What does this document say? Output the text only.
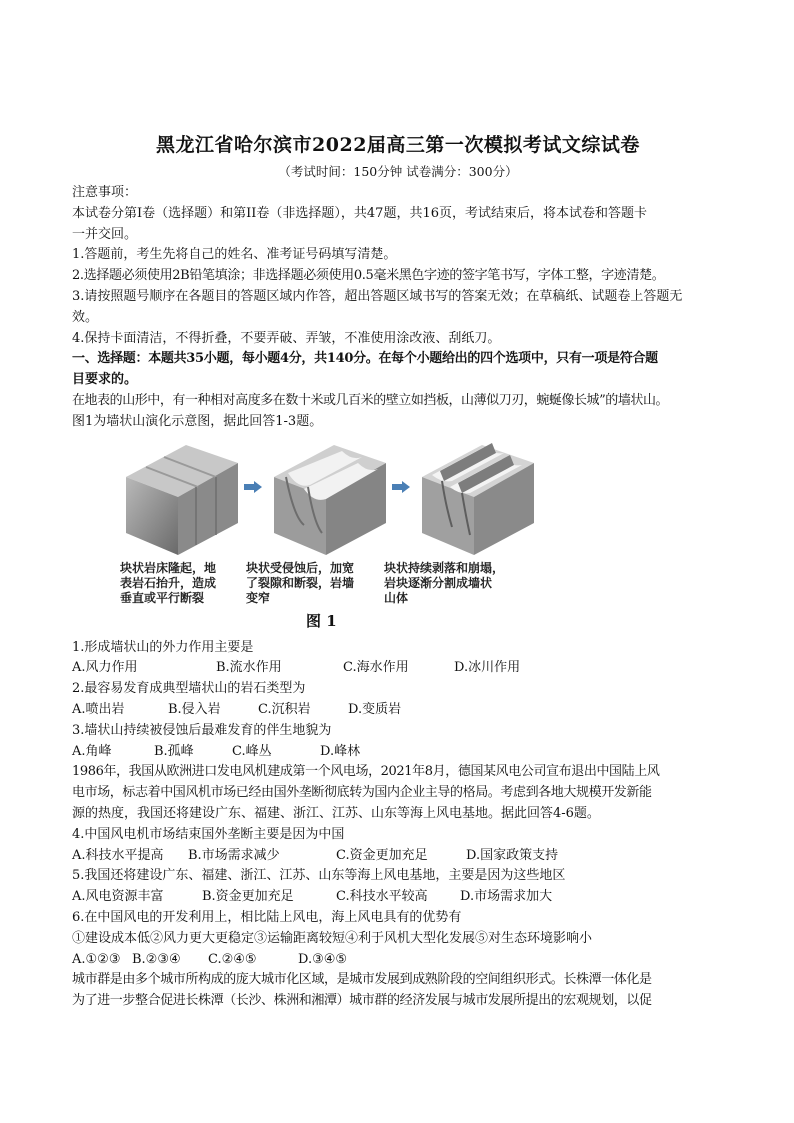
黑龙江省哈尔滨市2022届高三第一次模拟考试文综试卷
（考试时间：150分钟 试卷满分：300分）

注意事项：

本试卷分第I卷（选择题）和第II卷（非选择题），共47题，共16页，考试结束后，将本试卷和答题卡

一并交回。

1.答题前，考生先将自己的姓名、准考证号码填写清楚。

2.选择题必须使用2B铅笔填涂；非选择题必须使用0.5毫米黑色字迹的签字笔书写，字体工整，字迹清楚。

3.请按照题号顺序在各题目的答题区域内作答，超出答题区域书写的答案无效；在草稿纸、试题卷上答题无

效。

4.保持卡面清洁，不得折叠，不要弄破、弄皱，不准使用涂改液、刮纸刀。

一、选择题：本题共35小题，每小题4分，共140分。在每个小题给出的四个选项中，只有一项是符合题

目要求的。

在地表的山形中，有一种相对高度多在数十米或几百米的壁立如挡板，山薄似刀刃，蜿蜒像长城”的墙状山。

图1为墙状山演化示意图，据此回答1-3题。

块状岩床隆起，地
表岩石抬升，造成
垂直或平行断裂
块状受侵蚀后，加宽
了裂隙和断裂，岩墙
变窄
块状持续剥落和崩塌，
岩块逐渐分割成墙状
山体
图 1

1.形成墙状山的外力作用主要是

A.风力作用	B.流水作用	C.海水作用	D.冰川作用

2.最容易发育成典型墙状山的岩石类型为

A.喷出岩	B.侵入岩	C.沉积岩	D.变质岩

3.墙状山持续被侵蚀后最难发育的伴生地貌为

A.角峰	B.孤峰	C.峰丛	D.峰林

1986年，我国从欧洲进口发电风机建成第一个风电场，2021年8月，德国某风电公司宣布退出中国陆上风

电市场，标志着中国风机市场已经由国外垄断彻底转为国内企业主导的格局。考虑到各地大规模开发新能

源的热度，我国还将建设广东、福建、浙江、江苏、山东等海上风电基地。据此回答4-6题。

4.中国风电机市场结束国外垄断主要是因为中国

A.科技水平提高	B.市场需求减少	C.资金更加充足	D.国家政策支持

5.我国还将建设广东、福建、浙江、江苏、山东等海上风电基地，主要是因为这些地区

A.风电资源丰富	B.资金更加充足	C.科技水平较高	D.市场需求加大

6.在中国风电的开发利用上，相比陆上风电，海上风电具有的优势有

①建设成本低②风力更大更稳定③运输距离较短④利于风机大型化发展⑤对生态环境影响小

A.①②③ B.②③④	C.②④⑤	D.③④⑤

城市群是由多个城市所构成的庞大城市化区域，是城市发展到成熟阶段的空间组织形式。长株潭一体化是

为了进一步整合促进长株潭（长沙、株洲和湘潭）城市群的经济发展与城市发展所提出的宏观规划，以促
